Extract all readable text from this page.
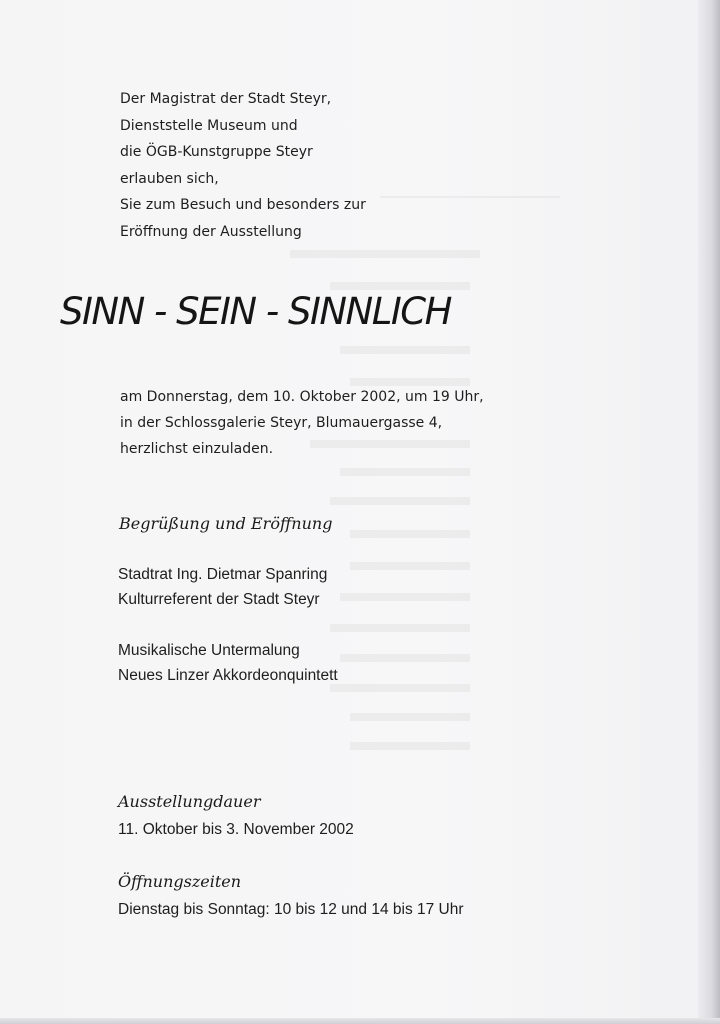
Der Magistrat der Stadt Steyr,
Dienststelle Museum und
die ÖGB-Kunstgruppe Steyr
erlauben sich,
Sie zum Besuch und besonders zur
Eröffnung der Ausstellung
SINN - SEIN - SINNLICH
am Donnerstag, dem 10. Oktober 2002, um 19 Uhr,
in der Schlossgalerie Steyr, Blumauergasse 4,
herzlichst einzuladen.
Begrüßung und Eröffnung
Stadtrat Ing. Dietmar Spanring
Kulturreferent der Stadt Steyr
Musikalische Untermalung
Neues Linzer Akkordeonquintett
Ausstellungdauer
11. Oktober bis 3. November 2002
Öffnungszeiten
Dienstag bis Sonntag: 10 bis 12 und 14 bis 17 Uhr
